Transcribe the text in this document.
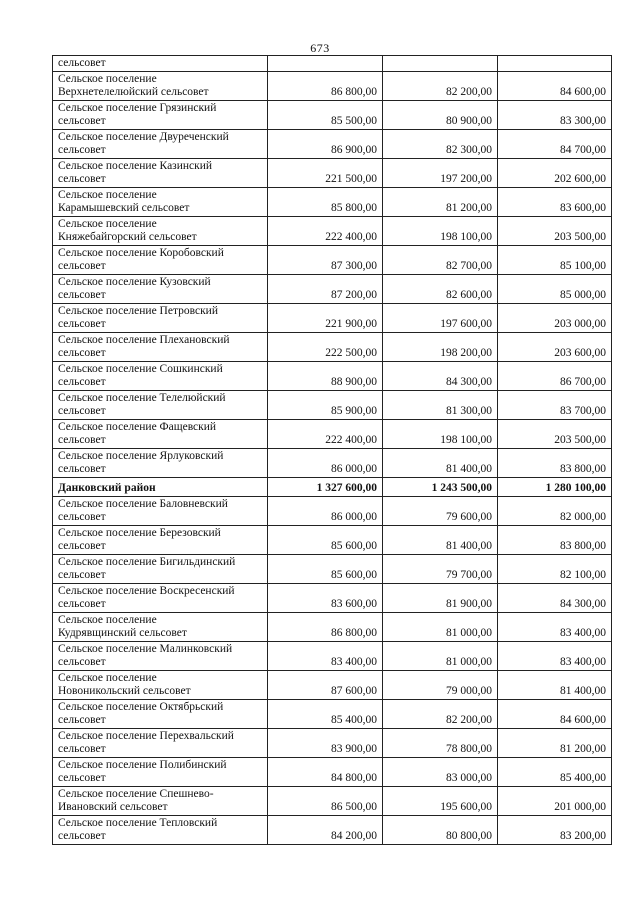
673
сельсовет			
Сельское поселение
Верхнетелелюйский сельсовет	86 800,00	82 200,00	84 600,00
Сельское поселение Грязинский
сельсовет	85 500,00	80 900,00	83 300,00
Сельское поселение Двуреченский
сельсовет	86 900,00	82 300,00	84 700,00
Сельское поселение Казинский
сельсовет	221 500,00	197 200,00	202 600,00
Сельское поселение
Карамышевский сельсовет	85 800,00	81 200,00	83 600,00
Сельское поселение
Княжебайгорский сельсовет	222 400,00	198 100,00	203 500,00
Сельское поселение Коробовский
сельсовет	87 300,00	82 700,00	85 100,00
Сельское поселение Кузовский
сельсовет	87 200,00	82 600,00	85 000,00
Сельское поселение Петровский
сельсовет	221 900,00	197 600,00	203 000,00
Сельское поселение Плехановский
сельсовет	222 500,00	198 200,00	203 600,00
Сельское поселение Сошкинский
сельсовет	88 900,00	84 300,00	86 700,00
Сельское поселение Телелюйский
сельсовет	85 900,00	81 300,00	83 700,00
Сельское поселение Фащевский
сельсовет	222 400,00	198 100,00	203 500,00
Сельское поселение Ярлуковский
сельсовет	86 000,00	81 400,00	83 800,00
Данковский район	1 327 600,00	1 243 500,00	1 280 100,00
Сельское поселение Баловневский
сельсовет	86 000,00	79 600,00	82 000,00
Сельское поселение Березовский
сельсовет	85 600,00	81 400,00	83 800,00
Сельское поселение Бигильдинский
сельсовет	85 600,00	79 700,00	82 100,00
Сельское поселение Воскресенский
сельсовет	83 600,00	81 900,00	84 300,00
Сельское поселение
Кудрявщинский сельсовет	86 800,00	81 000,00	83 400,00
Сельское поселение Малинковский
сельсовет	83 400,00	81 000,00	83 400,00
Сельское поселение
Новоникольский сельсовет	87 600,00	79 000,00	81 400,00
Сельское поселение Октябрьский
сельсовет	85 400,00	82 200,00	84 600,00
Сельское поселение Перехвальский
сельсовет	83 900,00	78 800,00	81 200,00
Сельское поселение Полибинский
сельсовет	84 800,00	83 000,00	85 400,00
Сельское поселение Спешнево-
Ивановский сельсовет	86 500,00	195 600,00	201 000,00
Сельское поселение Тепловский
сельсовет	84 200,00	80 800,00	83 200,00
